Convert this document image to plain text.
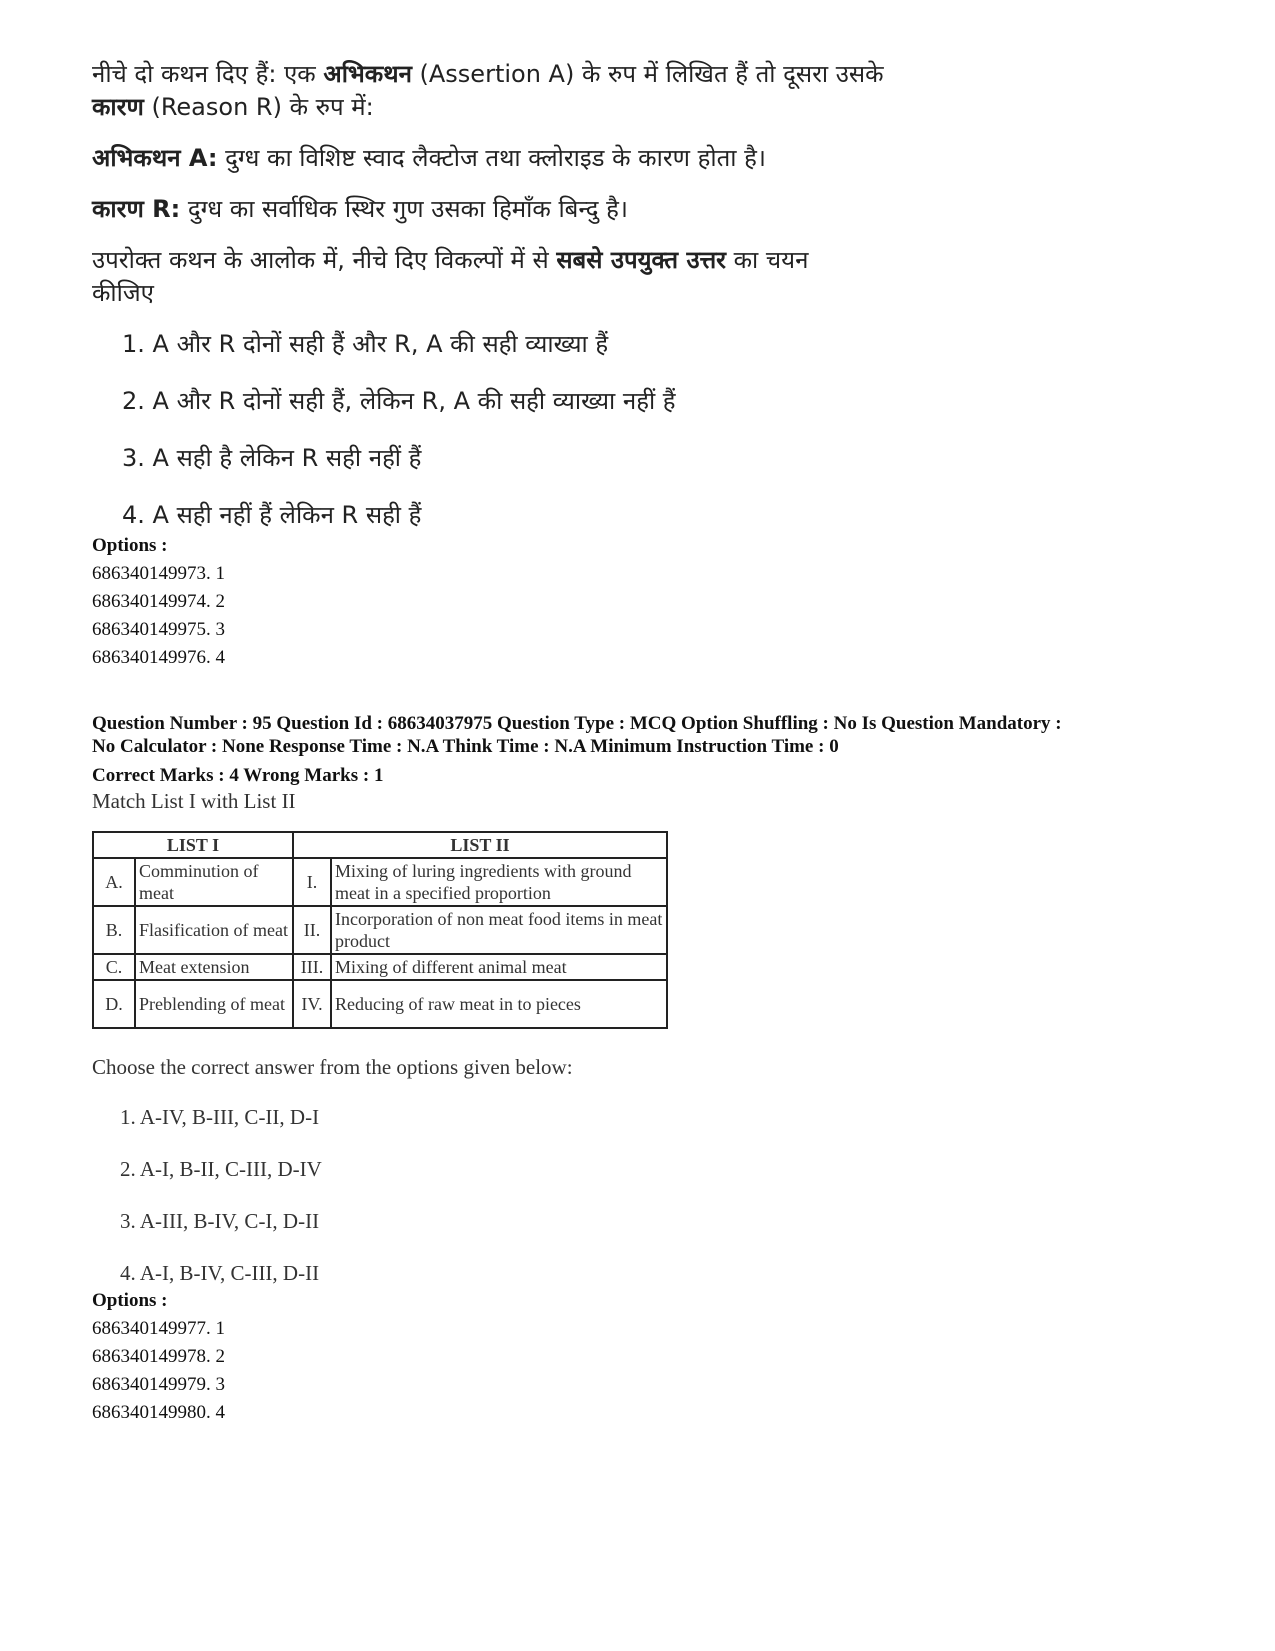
नीचे दो कथन दिए हैं: एक अभिकथन (Assertion A) के रुप में लिखित हैं तो दूसरा उसके
कारण (Reason R) के रुप में:

अभिकथन A: दुग्ध का विशिष्ट स्वाद लैक्टोज तथा क्लोराइड के कारण होता है।

कारण R: दुग्ध का सर्वाधिक स्थिर गुण उसका हिमाँक बिन्दु है।

उपरोक्त कथन के आलोक में, नीचे दिए विकल्पों में से सबसे उपयुक्त उत्तर का चयन
कीजिए

1. A और R दोनों सही हैं और R, A की सही व्याख्या हैं

2. A और R दोनों सही हैं, लेकिन R, A की सही व्याख्या नहीं हैं

3. A सही है लेकिन R सही नहीं हैं

4. A सही नहीं हैं लेकिन R सही हैं

Options :
686340149973. 1
686340149974. 2
686340149975. 3
686340149976. 4

Question Number : 95 Question Id : 68634037975 Question Type : MCQ Option Shuffling : No Is Question Mandatory :

No Calculator : None Response Time : N.A Think Time : N.A Minimum Instruction Time : 0

Correct Marks : 4 Wrong Marks : 1

Match List I with List II
LIST I		LIST II	
A.	Comminution of meat	I.	Mixing of luring ingredients with ground meat in a specified proportion
B.	Flasification of meat	II.	Incorporation of non meat food items in meat product
C.	Meat extension	III.	Mixing of different animal meat
D.	Preblending of meat	IV.	Reducing of raw meat in to pieces
Choose the correct answer from the options given below:

1. A-IV, B-III, C-II, D-I

2. A-I, B-II, C-III, D-IV

3. A-III, B-IV, C-I, D-II

4. A-I, B-IV, C-III, D-II

Options :
686340149977. 1
686340149978. 2
686340149979. 3
686340149980. 4
